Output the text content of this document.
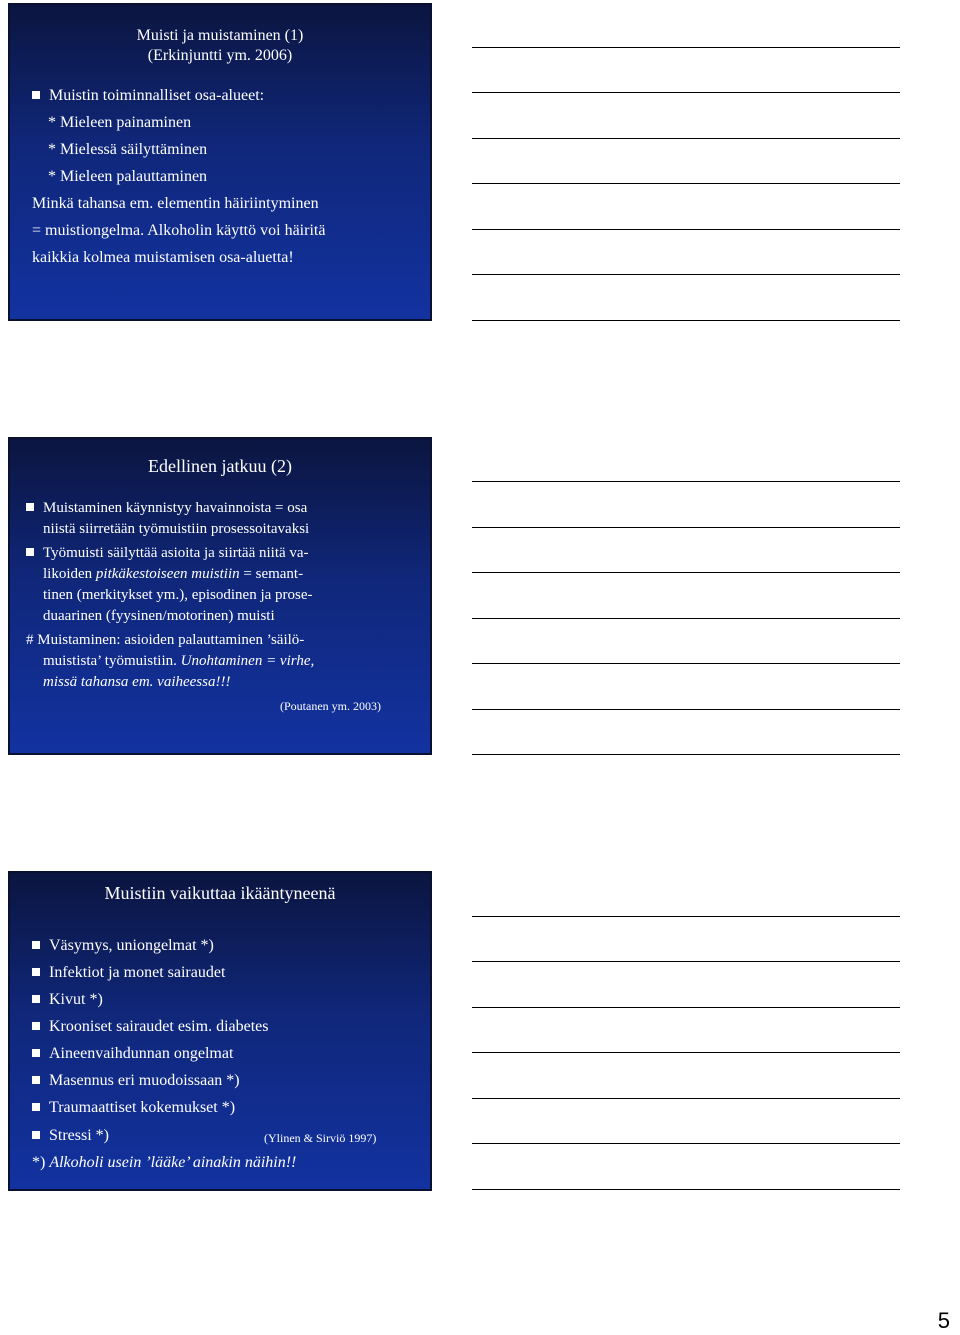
Muisti ja muistaminen (1)
(Erkinjuntti ym. 2006)
Muistin toiminnalliset osa-alueet:
* Mieleen painaminen
* Mielessä säilyttäminen
* Mieleen palauttaminen
Minkä tahansa em. elementin häiriintyminen
= muistiongelma. Alkoholin käyttö voi häiritä
kaikkia kolmea muistamisen osa-aluetta!
Edellinen jatkuu (2)
Muistaminen käynnistyy havainnoista = osa
niistä siirretään työmuistiin prosessoitavaksi
Työmuisti säilyttää asioita ja siirtää niitä va-
likoiden pitkäkestoiseen muistiin = semant-
tinen (merkitykset ym.), episodinen ja prose-
duaarinen (fyysinen/motorinen) muisti
# Muistaminen: asioiden palauttaminen ’säilö-
muistista’ työmuistiin. Unohtaminen = virhe,
missä tahansa em. vaiheessa!!!
(Poutanen ym. 2003)
Muistiin vaikuttaa ikääntyneenä
Väsymys, uniongelmat *)
Infektiot ja monet sairaudet
Kivut *)
Krooniset sairaudet esim. diabetes
Aineenvaihdunnan ongelmat
Masennus eri muodoissaan *)
Traumaattiset kokemukset *)
Stressi *)	(Ylinen & Sirviö 1997)
*) Alkoholi usein ’lääke’ ainakin näihin!!
5
